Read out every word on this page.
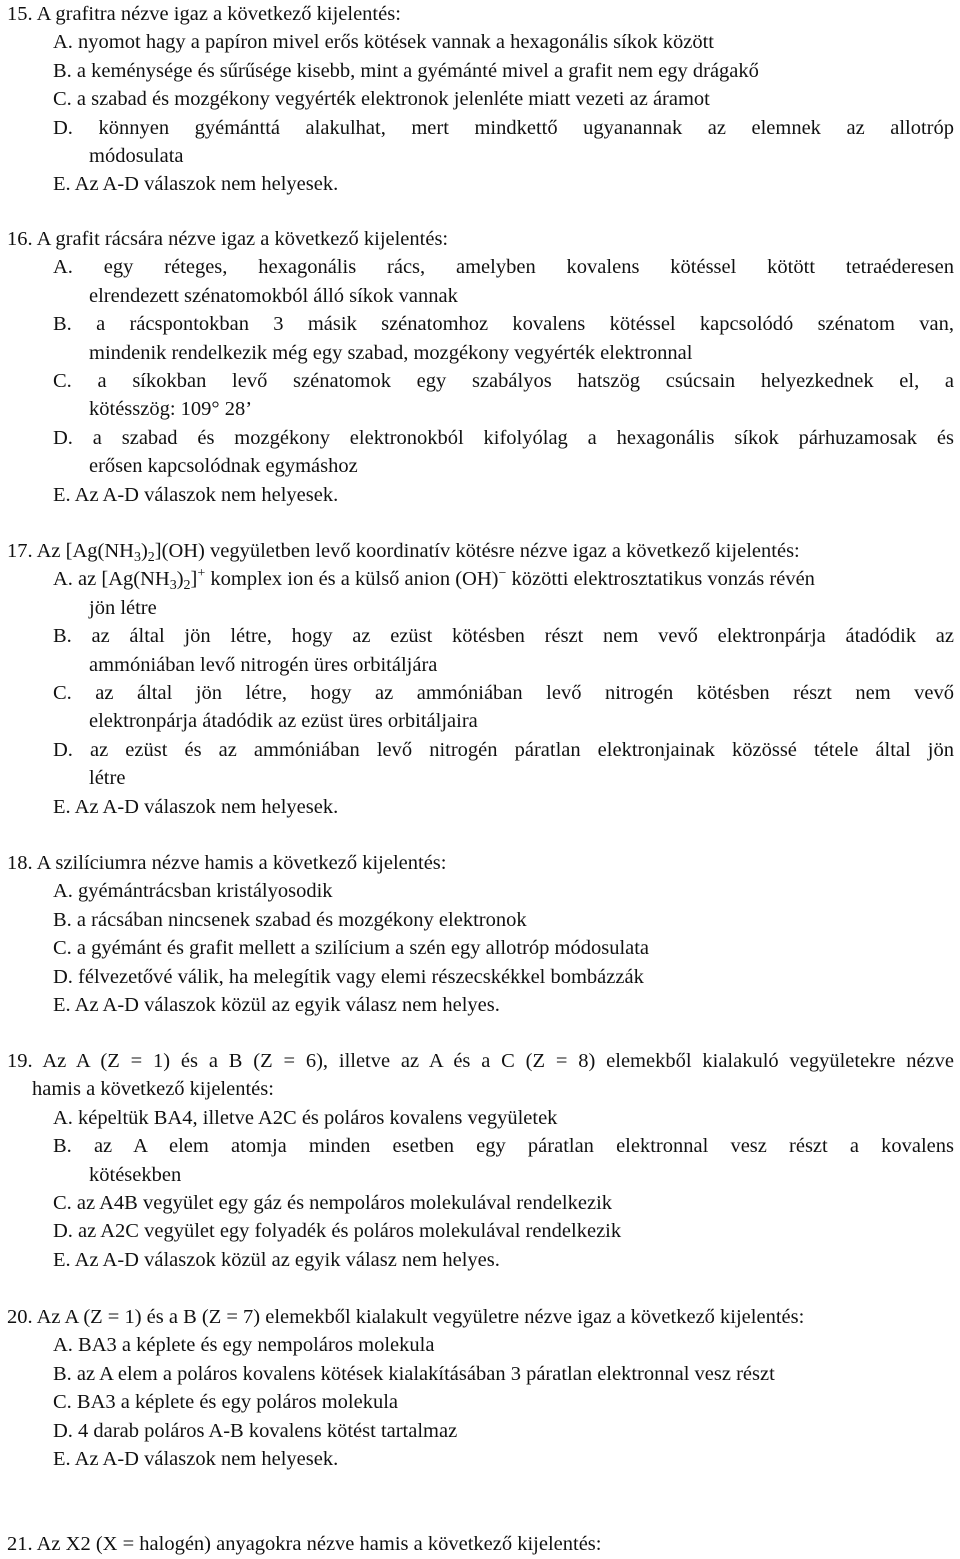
15. A grafitra nézve igaz a következő kijelentés:
A. nyomot hagy a papíron mivel erős kötések vannak a hexagonális síkok között
B. a keménysége és sűrűsége kisebb, mint a gyémánté mivel a grafit nem egy drágakő
C. a szabad és mozgékony vegyérték elektronok jelenléte miatt vezeti az áramot
D. könnyen gyémánttá alakulhat, mert mindkettő ugyanannak az elemnek az allotróp
módosulata
E. Az A-D válaszok nem helyesek.
16. A grafit rácsára nézve igaz a következő kijelentés:
A. egy réteges, hexagonális rács, amelyben kovalens kötéssel kötött tetraéderesen
elrendezett szénatomokból álló síkok vannak
B. a rácspontokban 3 másik szénatomhoz kovalens kötéssel kapcsolódó szénatom van,
mindenik rendelkezik még egy szabad, mozgékony vegyérték elektronnal
C. a síkokban levő szénatomok egy szabályos hatszög csúcsain helyezkednek el, a
kötésszög: 109° 28’
D. a szabad és mozgékony elektronokból kifolyólag a hexagonális síkok párhuzamosak és
erősen kapcsolódnak egymáshoz
E. Az A-D válaszok nem helyesek.
17. Az $[Ag(NH_3)_2](OH)$ vegyületben levő koordinatív kötésre nézve igaz a következő kijelentés:
A. az $[Ag(NH_3)_2]^+$ komplex ion és a külső anion (OH)− közötti elektrosztatikus vonzás révén
jön létre
B. az által jön létre, hogy az ezüst kötésben részt nem vevő elektronpárja átadódik az
ammóniában levő nitrogén üres orbitáljára
C. az által jön létre, hogy az ammóniában levő nitrogén kötésben részt nem vevő
elektronpárja átadódik az ezüst üres orbitáljaira
D. az ezüst és az ammóniában levő nitrogén páratlan elektronjainak közössé tétele által jön
létre
E. Az A-D válaszok nem helyesek.
18. A szilíciumra nézve hamis a következő kijelentés:
A. gyémántrácsban kristályosodik
B. a rácsában nincsenek szabad és mozgékony elektronok
C. a gyémánt és grafit mellett a szilícium a szén egy allotróp módosulata
D. félvezetővé válik, ha melegítik vagy elemi részecskékkel bombázzák
E. Az A-D válaszok közül az egyik válasz nem helyes.
19. Az A (Z = 1) és a B (Z = 6), illetve az A és a C (Z = 8) elemekből kialakuló vegyületekre nézve
hamis a következő kijelentés:
A. képeltük BA4, illetve A2C és poláros kovalens vegyületek
B. az A elem atomja minden esetben egy páratlan elektronnal vesz részt a kovalens
kötésekben
C. az A4B vegyület egy gáz és nempoláros molekulával rendelkezik
D. az A2C vegyület egy folyadék és poláros molekulával rendelkezik
E. Az A-D válaszok közül az egyik válasz nem helyes.
20. Az A (Z = 1) és a B (Z = 7) elemekből kialakult vegyületre nézve igaz a következő kijelentés:
A. BA3 a képlete és egy nempoláros molekula
B. az A elem a poláros kovalens kötések kialakításában 3 páratlan elektronnal vesz részt
C. BA3 a képlete és egy poláros molekula
D. 4 darab poláros A-B kovalens kötést tartalmaz
E. Az A-D válaszok nem helyesek.
21. Az X2 (X = halogén) anyagokra nézve hamis a következő kijelentés:
